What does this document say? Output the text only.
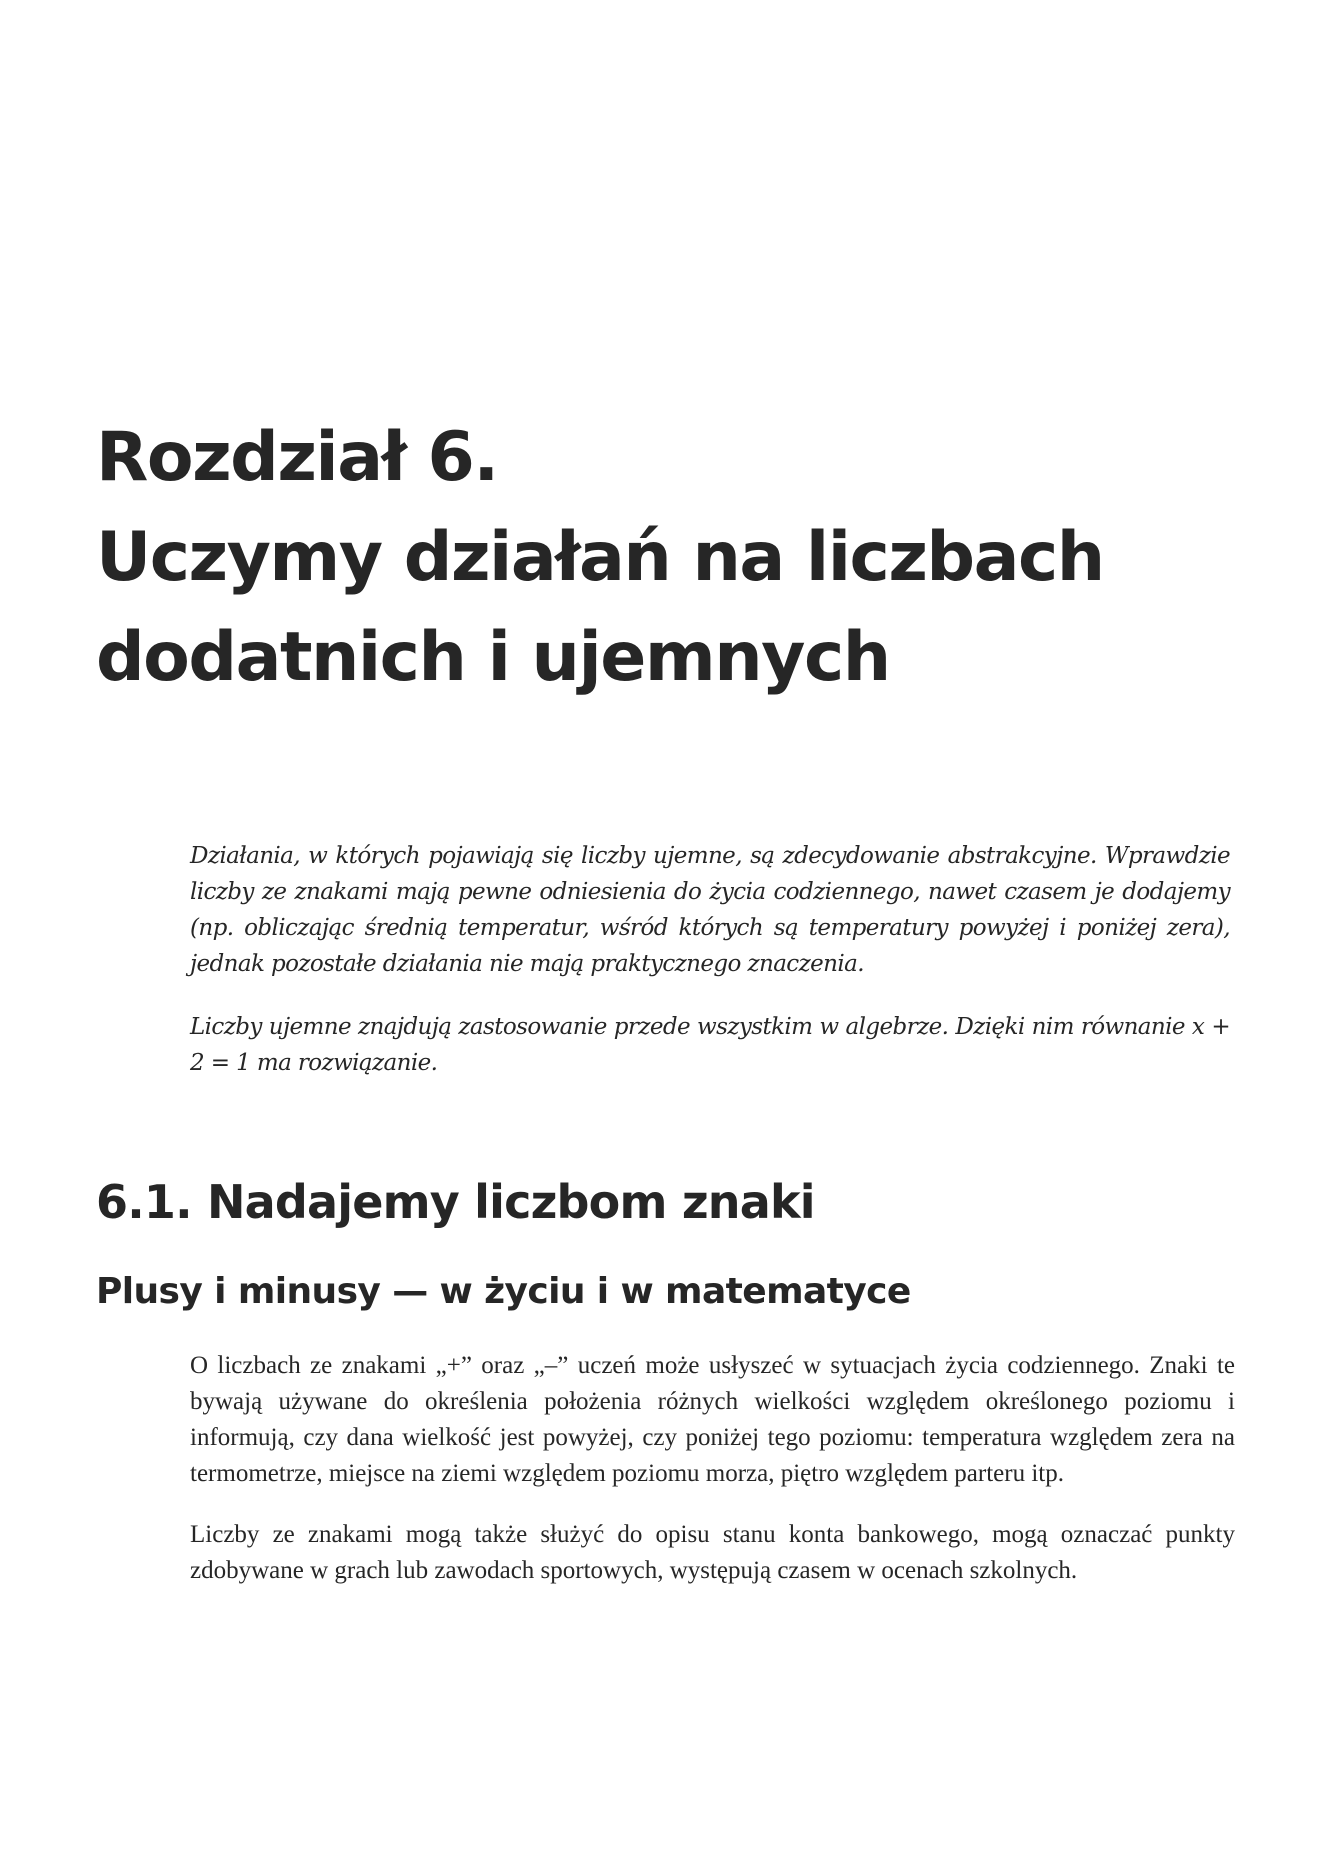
Rozdział 6.
Uczymy działań na liczbach
dodatnich i ujemnych

Działania, w których pojawiają się liczby ujemne, są zdecydowanie abstrakcyjne. Wprawdzie liczby ze znakami mają pewne odniesienia do życia codziennego, nawet czasem je dodajemy (np. obliczając średnią temperatur, wśród których są temperatury powyżej i poniżej zera), jednak pozostałe działania nie mają praktycznego znaczenia.

Liczby ujemne znajdują zastosowanie przede wszystkim w algebrze. Dzięki nim równanie x + 2 = 1 ma rozwiązanie.

6.1. Nadajemy liczbom znaki
Plusy i minusy — w życiu i w matematyce

O liczbach ze znakami „+” oraz „–” uczeń może usłyszeć w sytuacjach życia codziennego. Znaki te bywają używane do określenia położenia różnych wielkości względem określonego poziomu i informują, czy dana wielkość jest powyżej, czy poniżej tego poziomu: temperatura względem zera na termometrze, miejsce na ziemi względem poziomu morza, piętro względem parteru itp.

Liczby ze znakami mogą także służyć do opisu stanu konta bankowego, mogą oznaczać punkty zdobywane w grach lub zawodach sportowych, występują czasem w ocenach szkolnych.
